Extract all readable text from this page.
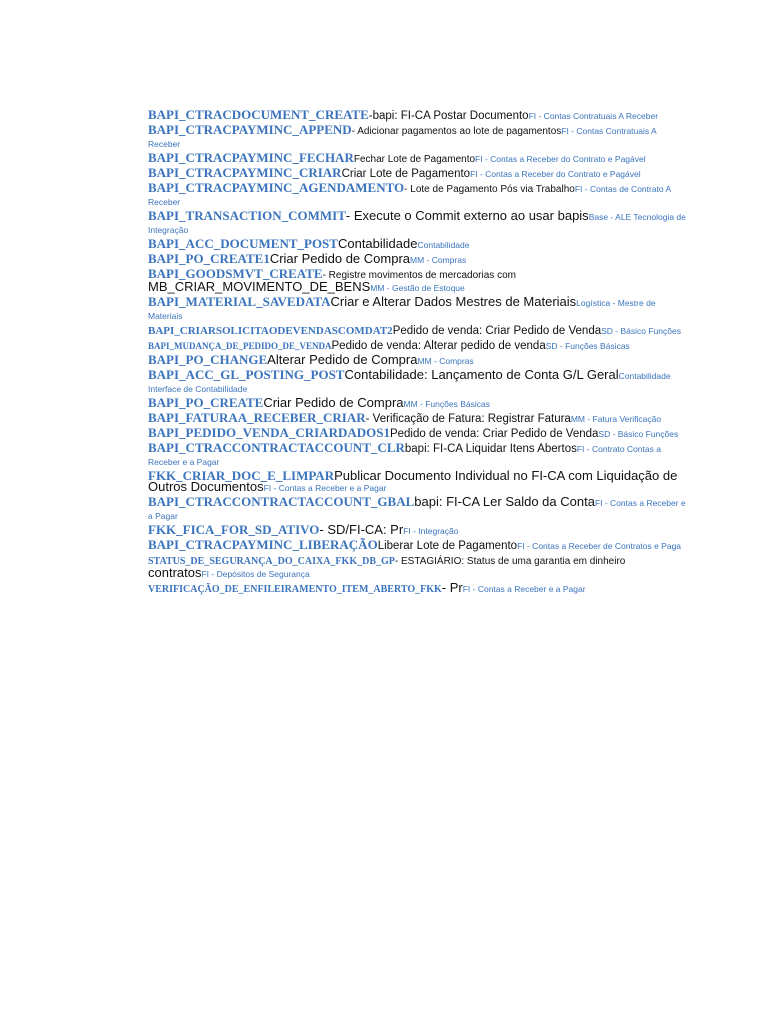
BAPI_CTRACDOCUMENT_CREATE-bapi: FI-CA Postar DocumentoFI - Contas Contratuais A Receber

BAPI_CTRACPAYMINC_APPEND- Adicionar pagamentos ao lote de pagamentosFI - Contas Contratuais A Receber

BAPI_CTRACPAYMINC_FECHARFechar Lote de PagamentoFI - Contas a Receber do Contrato e Pagável

BAPI_CTRACPAYMINC_CRIARCriar Lote de PagamentoFI - Contas a Receber do Contrato e Pagável

BAPI_CTRACPAYMINC_AGENDAMENTO- Lote de Pagamento Pós via TrabalhoFI - Contas de Contrato A Receber

BAPI_TRANSACTION_COMMIT- Execute o Commit externo ao usar bapisBase - ALE Tecnologia de Integração

BAPI_ACC_DOCUMENT_POSTContabilidadeContabilidade

BAPI_PO_CREATE1Criar Pedido de CompraMM - Compras

BAPI_GOODSMVT_CREATE- Registre movimentos de mercadorias com
MB_CRIAR_MOVIMENTO_DE_BENSMM - Gestão de Estoque

BAPI_MATERIAL_SAVEDATACriar e Alterar Dados Mestres de MateriaisLogística - Mestre de Materiais

BAPI_CRIARSOLICITAODEVENDASCOMDAT2Pedido de venda: Criar Pedido de VendaSD - Básico Funções

BAPI_MUDANÇA_DE_PEDIDO_DE_VENDAPedido de venda: Alterar pedido de vendaSD - Funções Básicas

BAPI_PO_CHANGEAlterar Pedido de CompraMM - Compras

BAPI_ACC_GL_POSTING_POSTContabilidade: Lançamento de Conta G/L GeralContabilidade Interface de Contabilidade

BAPI_PO_CREATECriar Pedido de CompraMM - Funções Básicas

BAPI_FATURAA_RECEBER_CRIAR- Verificação de Fatura: Registrar FaturaMM - Fatura Verificação

BAPI_PEDIDO_VENDA_CRIARDADOS1Pedido de venda: Criar Pedido de VendaSD - Básico Funções

BAPI_CTRACCONTRACTACCOUNT_CLRbapi: FI-CA Liquidar Itens AbertosFI - Contrato Contas a Receber e a Pagar

FKK_CRIAR_DOC_E_LIMPARPublicar Documento Individual no FI-CA com Liquidação de Outros DocumentosFI - Contas a Receber e a Pagar

BAPI_CTRACCONTRACTACCOUNT_GBALbapi: FI-CA Ler Saldo da ContaFI - Contas a Receber e a Pagar

FKK_FICA_FOR_SD_ATIVO- SD/FI-CA: PrFI - Integração

BAPI_CTRACPAYMINC_LIBERAÇÃOLiberar Lote de PagamentoFI - Contas a Receber de Contratos e Paga

STATUS_DE_SEGURANÇA_DO_CAIXA_FKK_DB_GP- ESTAGIÁRIO: Status de uma garantia em dinheiro
contratosFI - Depósitos de Segurança

VERIFICAÇÃO_DE_ENFILEIRAMENTO_ITEM_ABERTO_FKK- PrFI - Contas a Receber e a Pagar
